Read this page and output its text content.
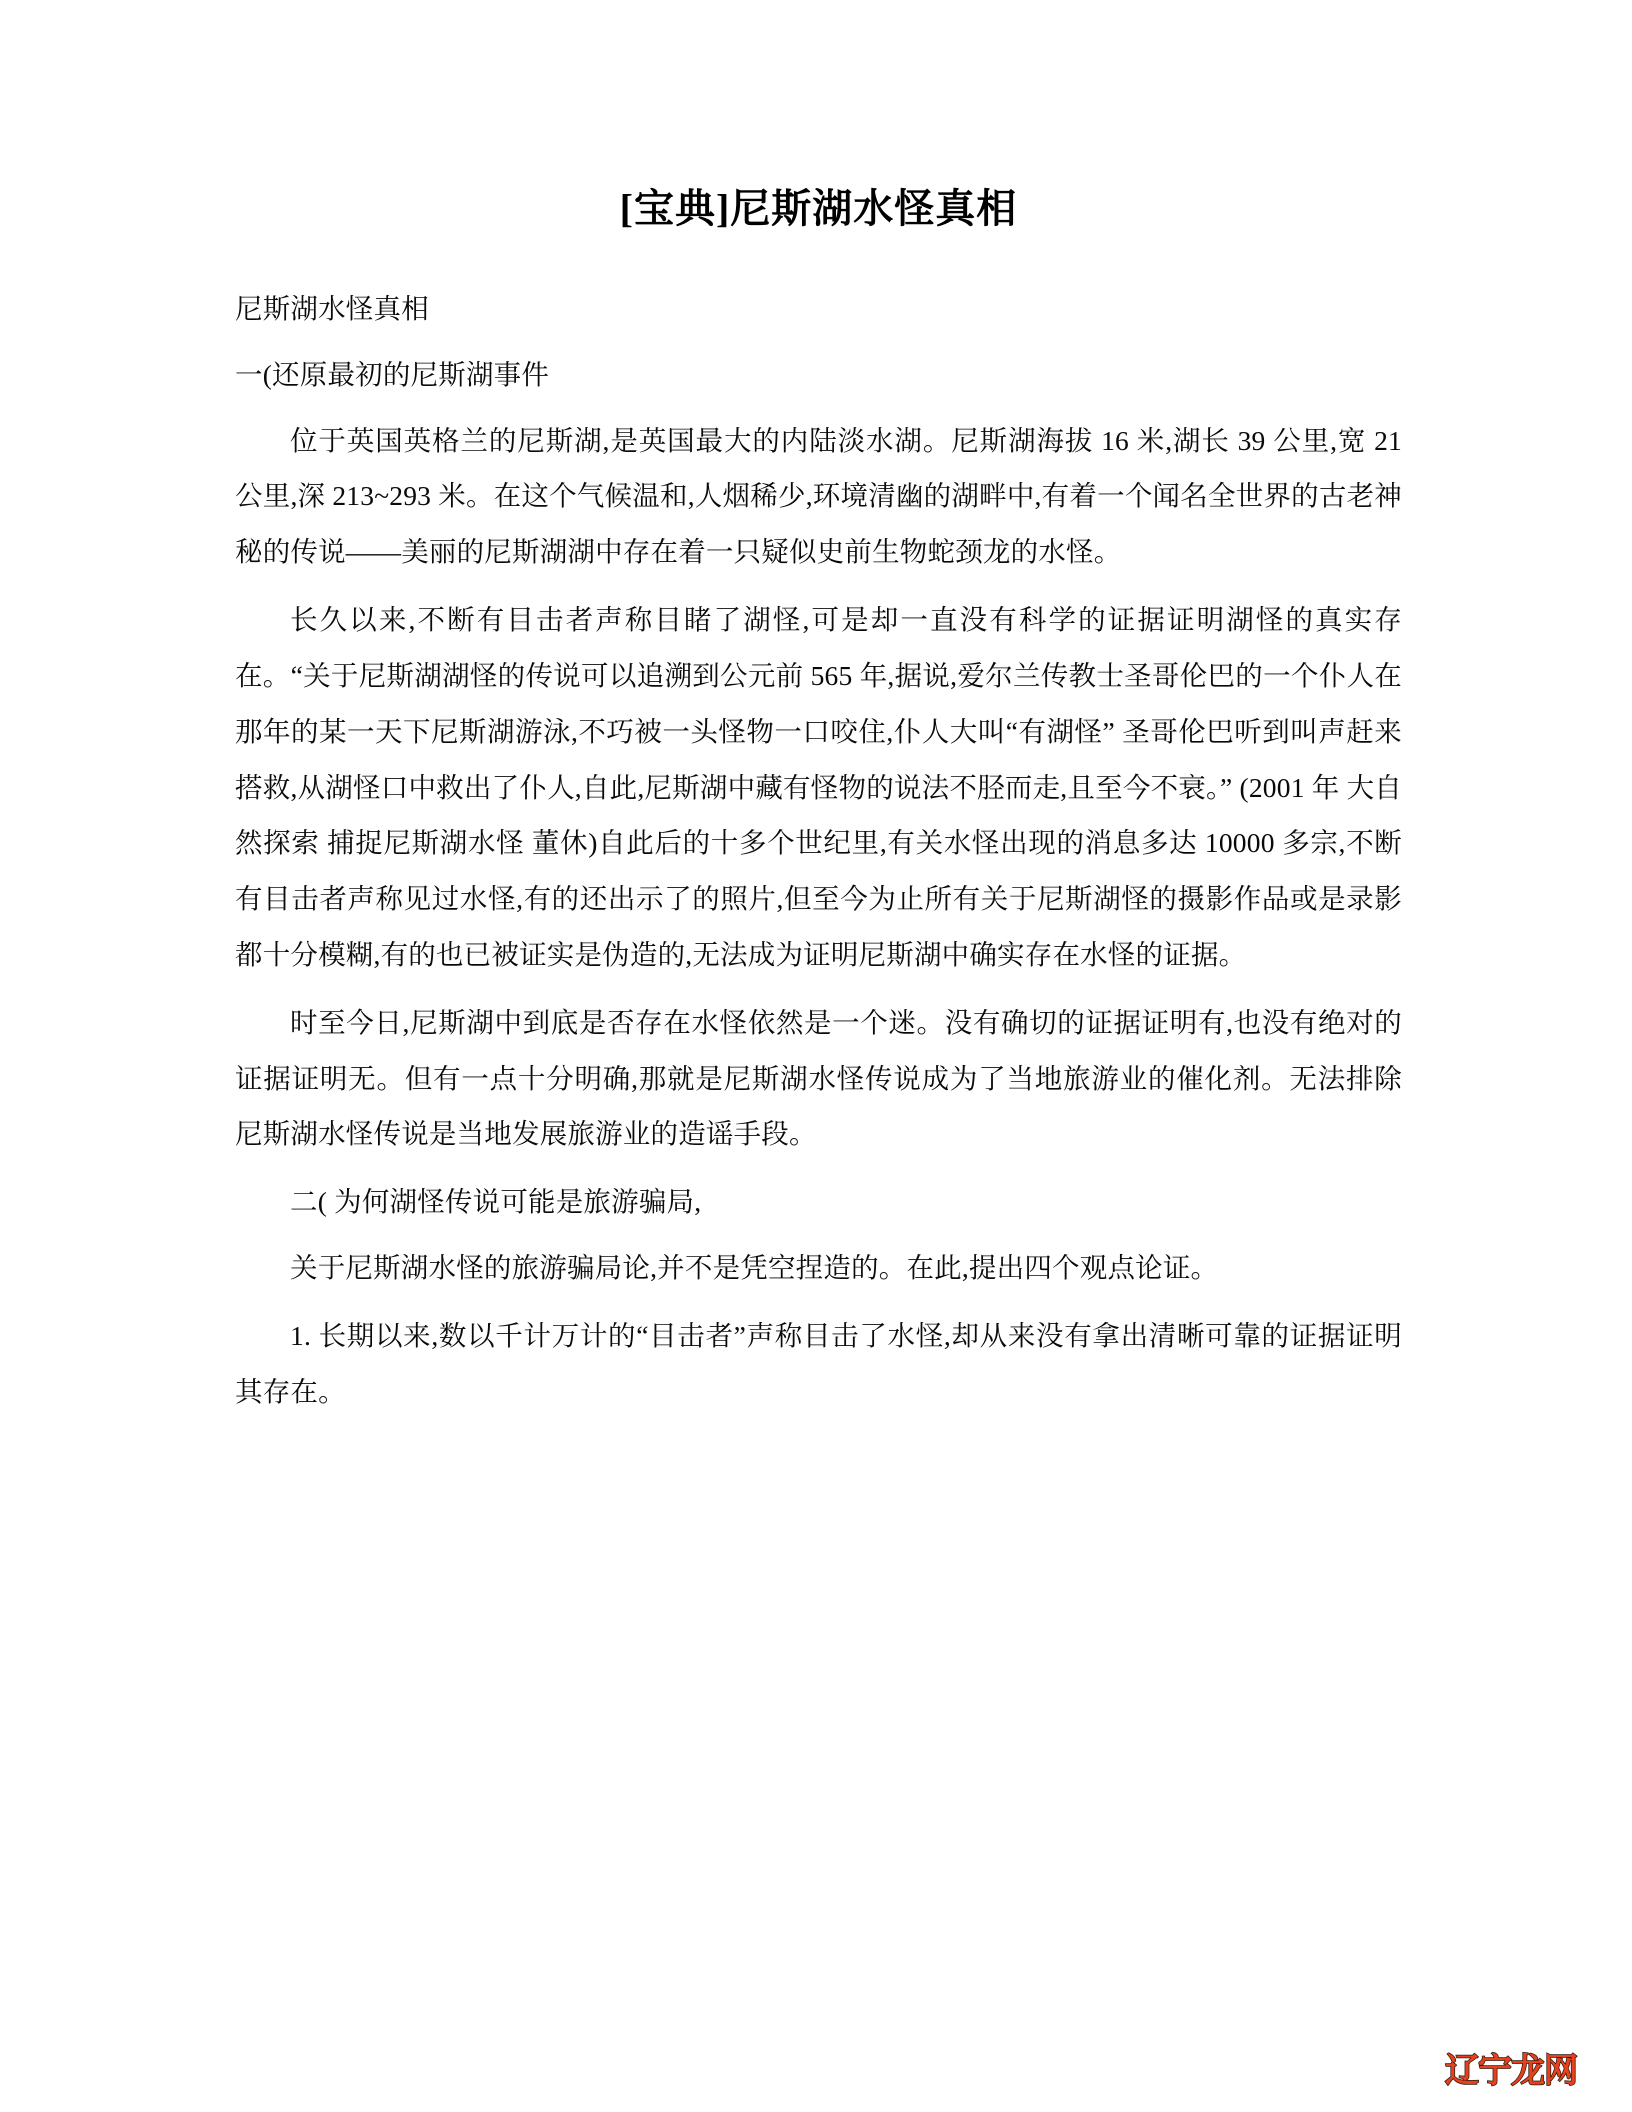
[宝典]尼斯湖水怪真相

尼斯湖水怪真相

一(还原最初的尼斯湖事件

位于英国英格兰的尼斯湖,是英国最大的内陆淡水湖。尼斯湖海拔 16 米,湖长 39 公里,宽 21 公里,深 213~293 米。在这个气候温和,人烟稀少,环境清幽的湖畔中,有着一个闻名全世界的古老神秘的传说——美丽的尼斯湖湖中存在着一只疑似史前生物蛇颈龙的水怪。

长久以来,不断有目击者声称目睹了湖怪,可是却一直没有科学的证据证明湖怪的真实存在。“关于尼斯湖湖怪的传说可以追溯到公元前 565 年,据说,爱尔兰传教士圣哥伦巴的一个仆人在那年的某一天下尼斯湖游泳,不巧被一头怪物一口咬住,仆人大叫“有湖怪” 圣哥伦巴听到叫声赶来搭救,从湖怪口中救出了仆人,自此,尼斯湖中藏有怪物的说法不胫而走,且至今不衰。” (2001 年 大自然探索 捕捉尼斯湖水怪 董休)自此后的十多个世纪里,有关水怪出现的消息多达 10000 多宗,不断有目击者声称见过水怪,有的还出示了的照片,但至今为止所有关于尼斯湖怪的摄影作品或是录影都十分模糊,有的也已被证实是伪造的,无法成为证明尼斯湖中确实存在水怪的证据。

时至今日,尼斯湖中到底是否存在水怪依然是一个迷。没有确切的证据证明有,也没有绝对的证据证明无。但有一点十分明确,那就是尼斯湖水怪传说成为了当地旅游业的催化剂。无法排除尼斯湖水怪传说是当地发展旅游业的造谣手段。

二( 为何湖怪传说可能是旅游骗局,

关于尼斯湖水怪的旅游骗局论,并不是凭空捏造的。在此,提出四个观点论证。

1. 长期以来,数以千计万计的“目击者”声称目击了水怪,却从来没有拿出清晰可靠的证据证明其存在。

辽宁龙网
